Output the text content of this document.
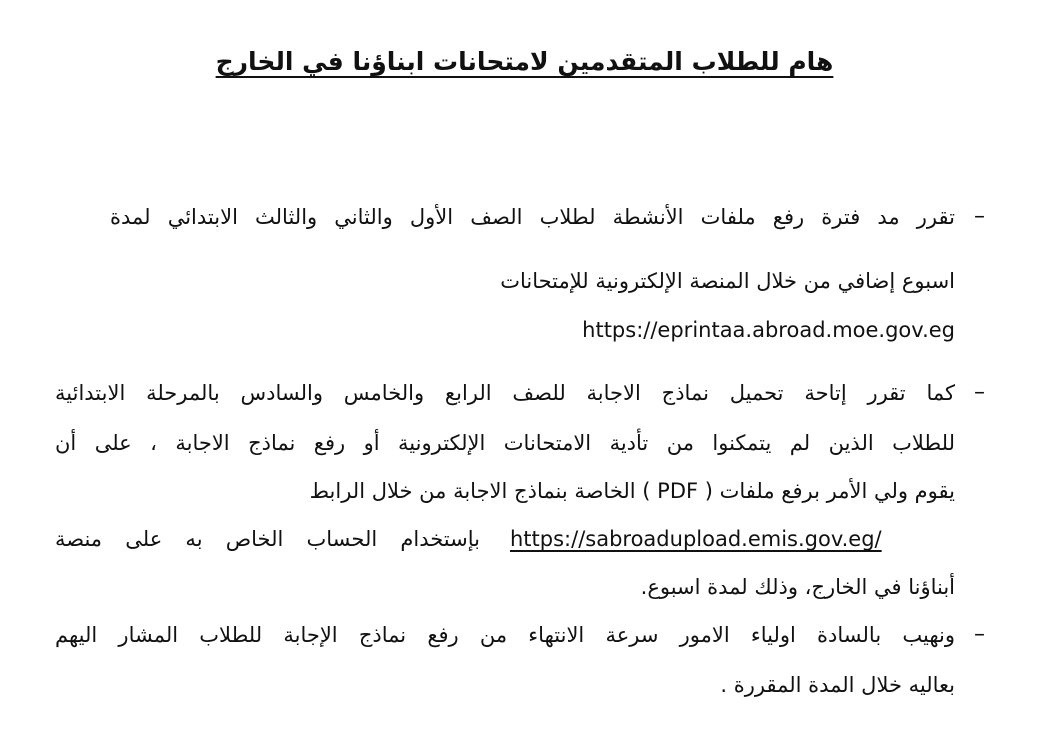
هام للطلاب المتقدمين لامتحانات ابناؤنا في الخارج
–
تقرر مد فترة رفع ملفات الأنشطة لطلاب الصف الأول والثاني والثالث الابتدائي لمدة
اسبوع إضافي من خلال المنصة الإلكترونية للإمتحانات
https://eprintaa.abroad.moe.gov.eg
–
كما تقرر إتاحة تحميل نماذج الاجابة للصف الرابع والخامس والسادس بالمرحلة الابتدائية
للطلاب الذين لم يتمكنوا من تأدية الامتحانات الإلكترونية أو رفع نماذج الاجابة ، على أن
يقوم ولي الأمر برفع ملفات ( PDF ) الخاصة بنماذج الاجابة من خلال الرابط
بإستخدام الحساب الخاص به على منصة https://sabroadupload.emis.gov.eg/
أبناؤنا في الخارج، وذلك لمدة اسبوع.
–
ونهيب بالسادة اولياء الامور سرعة الانتهاء من رفع نماذج الإجابة للطلاب المشار اليهم
بعاليه خلال المدة المقررة .
